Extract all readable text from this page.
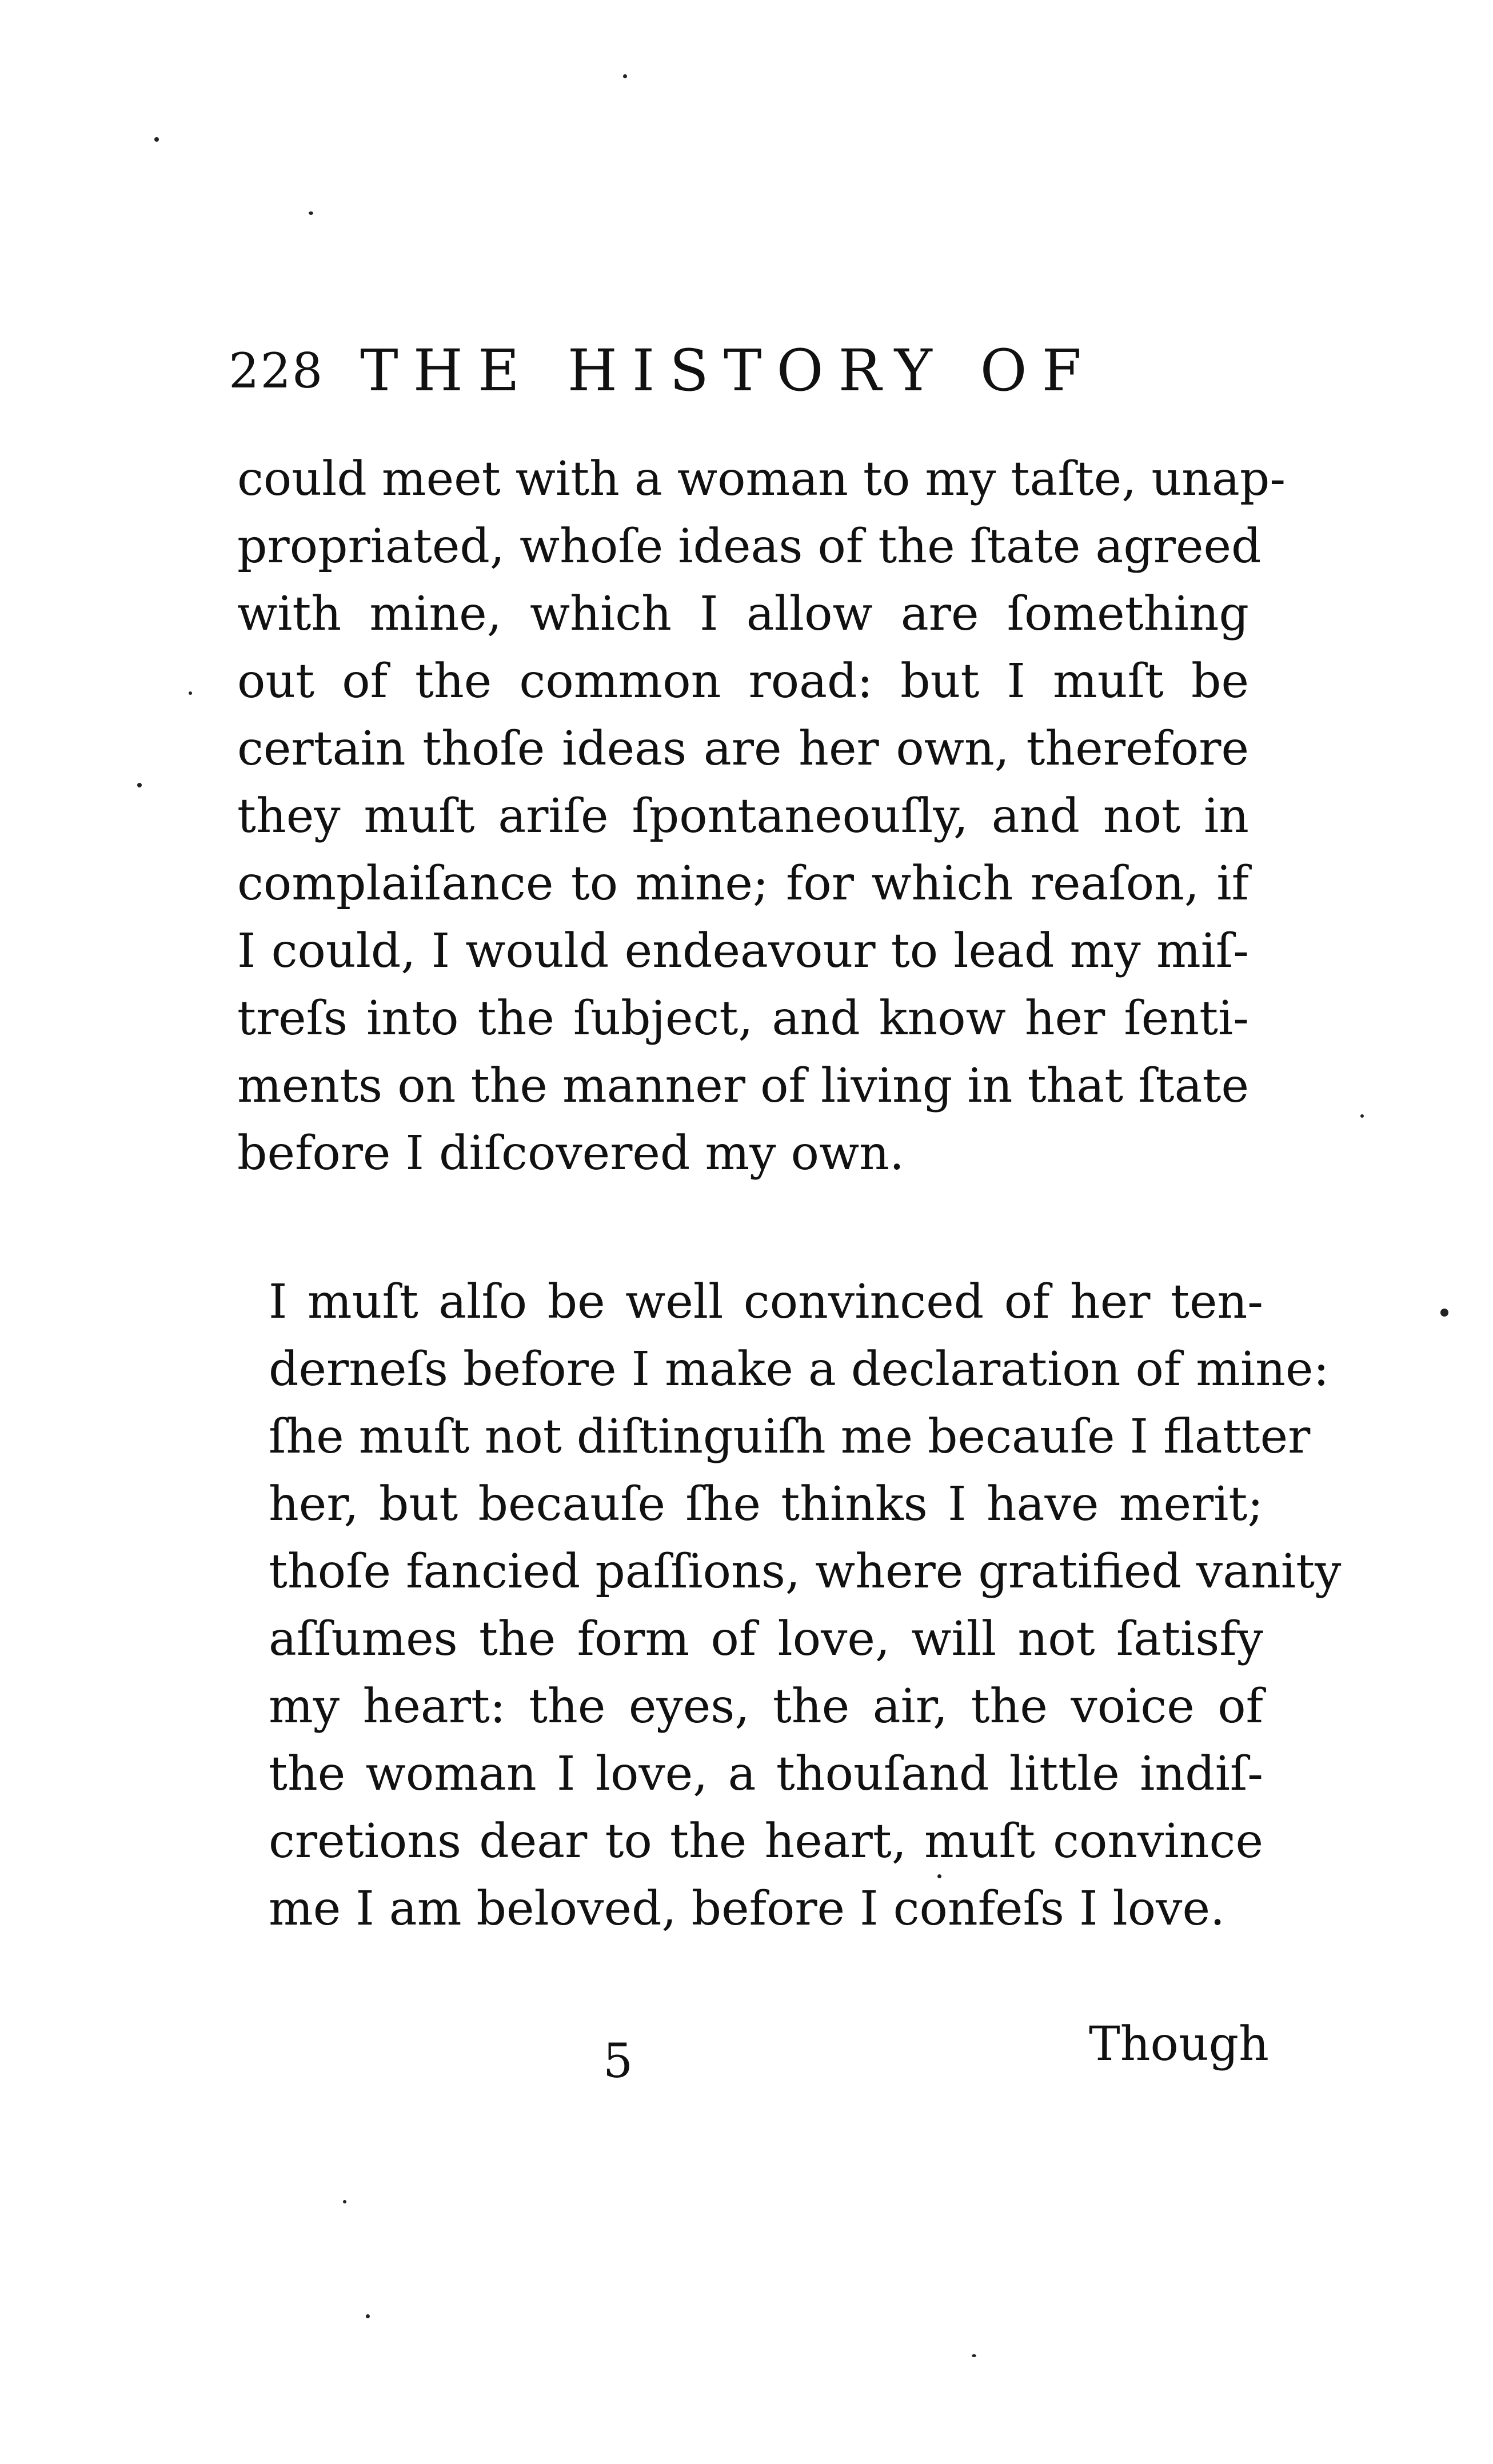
228 THE HISTORY OF
could meet with a woman to my taſte, unap-
propriated, whoſe ideas of the ſtate agreed
with mine, which I allow are ſomething
out of the common road: but I muſt be
certain thoſe ideas are her own, therefore
they muſt ariſe ſpontaneouſly, and not in
complaiſance to mine; for which reaſon, if
I could, I would endeavour to lead my miſ-
treſs into the ſubject, and know her ſenti-
ments on the manner of living in that ſtate
before I diſcovered my own.
I muſt alſo be well convinced of her ten-
derneſs before I make a declaration of mine:
ſhe muſt not diſtinguiſh me becauſe I flatter
her, but becauſe ſhe thinks I have merit;
thoſe fancied paſſions, where gratified vanity
aſſumes the form of love, will not ſatisfy
my heart: the eyes, the air, the voice of
the woman I love, a thouſand little indiſ-
cretions dear to the heart, muſt convince
me I am beloved, before I confeſs I love.
5	Though
